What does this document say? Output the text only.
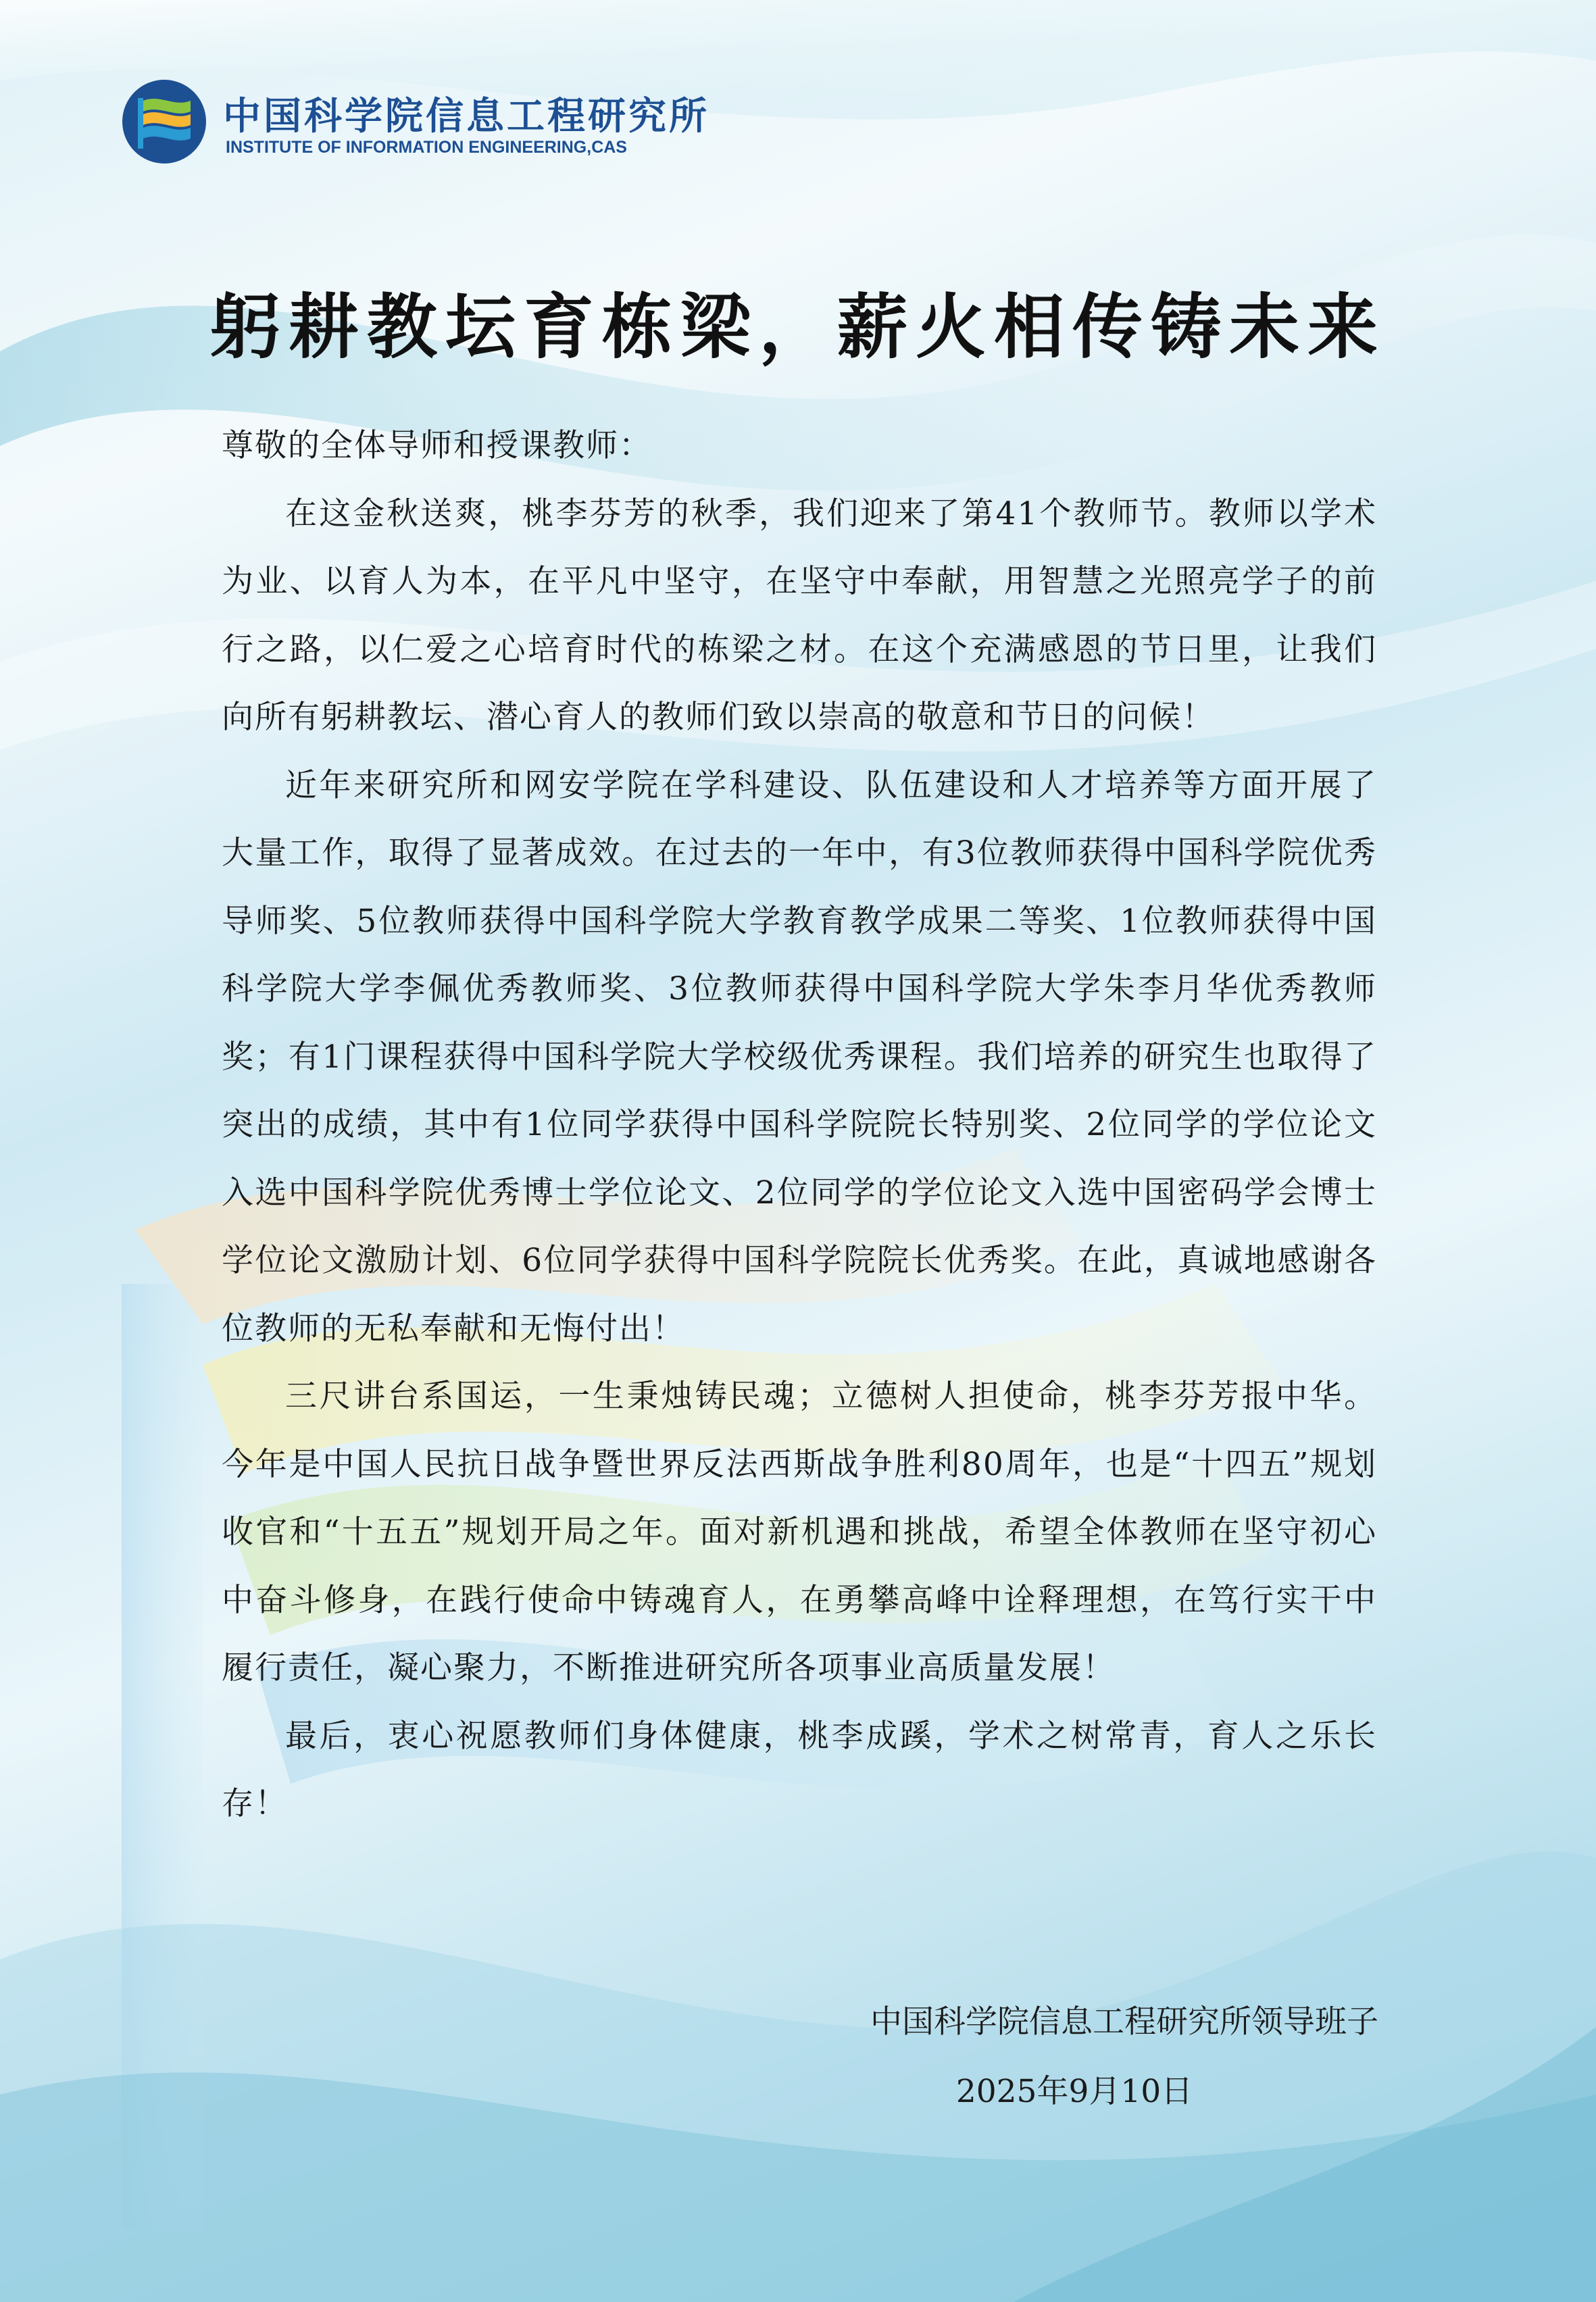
中国科学院信息工程研究所
INSTITUTE OF INFORMATION ENGINEERING,CAS
躬耕教坛育栋梁，薪火相传铸未来

尊敬的全体导师和授课教师：

在这金秋送爽，桃李芬芳的秋季，我们迎来了第41个教师节。教师以学术为业、以育人为本，在平凡中坚守，在坚守中奉献，用智慧之光照亮学子的前行之路，以仁爱之心培育时代的栋梁之材。在这个充满感恩的节日里，让我们向所有躬耕教坛、潜心育人的教师们致以崇高的敬意和节日的问候！

近年来研究所和网安学院在学科建设、队伍建设和人才培养等方面开展了大量工作，取得了显著成效。在过去的一年中，有3位教师获得中国科学院优秀导师奖、5位教师获得中国科学院大学教育教学成果二等奖、1位教师获得中国科学院大学李佩优秀教师奖、3位教师获得中国科学院大学朱李月华优秀教师奖；有1门课程获得中国科学院大学校级优秀课程。我们培养的研究生也取得了突出的成绩，其中有1位同学获得中国科学院院长特别奖、2位同学的学位论文入选中国科学院优秀博士学位论文、2位同学的学位论文入选中国密码学会博士学位论文激励计划、6位同学获得中国科学院院长优秀奖。在此，真诚地感谢各位教师的无私奉献和无悔付出！

三尺讲台系国运，一生秉烛铸民魂；立德树人担使命，桃李芬芳报中华。今年是中国人民抗日战争暨世界反法西斯战争胜利80周年，也是“十四五”规划收官和“十五五”规划开局之年。面对新机遇和挑战，希望全体教师在坚守初心中奋斗修身，在践行使命中铸魂育人，在勇攀高峰中诠释理想，在笃行实干中履行责任，凝心聚力，不断推进研究所各项事业高质量发展！

最后，衷心祝愿教师们身体健康，桃李成蹊，学术之树常青，育人之乐长存！

中国科学院信息工程研究所领导班子
2025年9月10日
